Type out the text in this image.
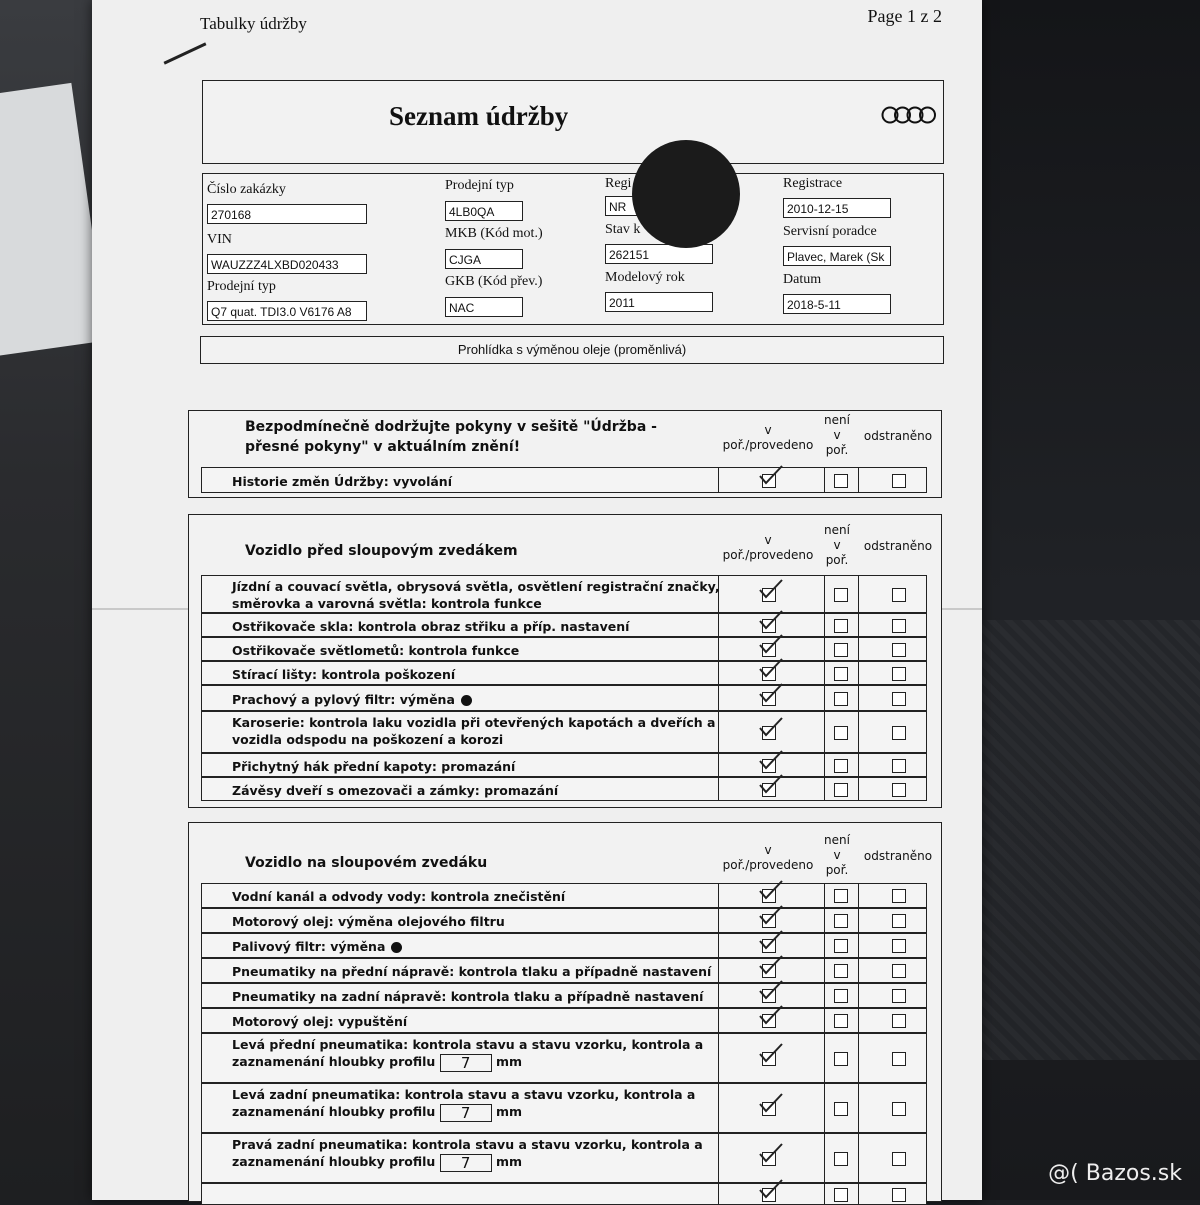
Tabulky údržby	Page 1 z 2
Seznam údržby
Číslo zakázky
270168
VIN
WAUZZZ4LXBD020433
Prodejní typ
Q7 quat. TDI3.0 V6176 A8
Prodejní typ
4LB0QA
MKB (Kód mot.)
CJGA
GKB (Kód přev.)
NAC
Regi
NR
Stav k
262151
Modelový rok
2011
Registrace
2010-12-15
Servisní poradce
Plavec, Marek (Sk
Datum
2018-5-11
Prohlídka s výměnou oleje (proměnlivá)
Bezpodmínečně dodržujte pokyny v sešitě "Údržba -
přesné pokyny" v aktuálním znění!
v
poř./provedeno
není
v
poř.
odstraněno
Historie změn Údržby: vyvolání
Vozidlo před sloupovým zvedákem
v
poř./provedeno
není
v
poř.
odstraněno
Jízdní a couvací světla, obrysová světla, osvětlení registrační značky,
směrovka a varovná světla: kontrola funkce
Ostřikovače skla: kontrola obraz střiku a příp. nastavení
Ostřikovače světlometů: kontrola funkce
Stírací lišty: kontrola poškození
Prachový a pylový filtr: výměna
Karoserie: kontrola laku vozidla při otevřených kapotách a dveřích a
vozidla odspodu na poškození a korozi
Přichytný hák přední kapoty: promazání
Závěsy dveří s omezovači a zámky: promazání
Vozidlo na sloupovém zvedáku
v
poř./provedeno
není
v
poř.
odstraněno
Vodní kanál a odvody vody: kontrola znečistění
Motorový olej: výměna olejového filtru
Palivový filtr: výměna
Pneumatiky na přední nápravě: kontrola tlaku a případně nastavení
Pneumatiky na zadní nápravě: kontrola tlaku a případně nastavení
Motorový olej: vypuštění
Levá přední pneumatika: kontrola stavu a stavu vzorku, kontrola a
zaznamenání hloubky profilu 7 mm
Levá zadní pneumatika: kontrola stavu a stavu vzorku, kontrola a
zaznamenání hloubky profilu 7 mm
Pravá zadní pneumatika: kontrola stavu a stavu vzorku, kontrola a
zaznamenání hloubky profilu 7 mm	@( Bazos.sk
